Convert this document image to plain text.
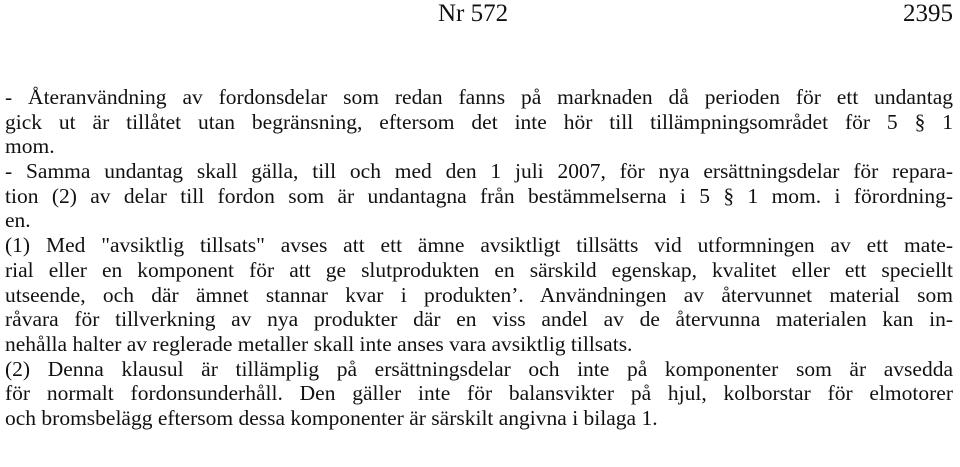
Nr 572	2395

- Återanvändning av fordonsdelar som redan fanns på marknaden då perioden för ett undantag
gick ut är tillåtet utan begränsning, eftersom det inte hör till tillämpningsområdet för 5 § 1
mom.

- Samma undantag skall gälla, till och med den 1 juli 2007, för nya ersättningsdelar för repara-
tion (2) av delar till fordon som är undantagna från bestämmelserna i 5 § 1 mom. i förordning-
en.

(1) Med "avsiktlig tillsats" avses att ett ämne avsiktligt tillsätts vid utformningen av ett mate-
rial eller en komponent för att ge slutprodukten en särskild egenskap, kvalitet eller ett speciellt
utseende, och där ämnet stannar kvar i produkten’. Användningen av återvunnet material som
råvara för tillverkning av nya produkter där en viss andel av de återvunna materialen kan in-
nehålla halter av reglerade metaller skall inte anses vara avsiktlig tillsats.

(2) Denna klausul är tillämplig på ersättningsdelar och inte på komponenter som är avsedda
för normalt fordonsunderhåll. Den gäller inte för balansvikter på hjul, kolborstar för elmotorer
och bromsbelägg eftersom dessa komponenter är särskilt angivna i bilaga 1.
